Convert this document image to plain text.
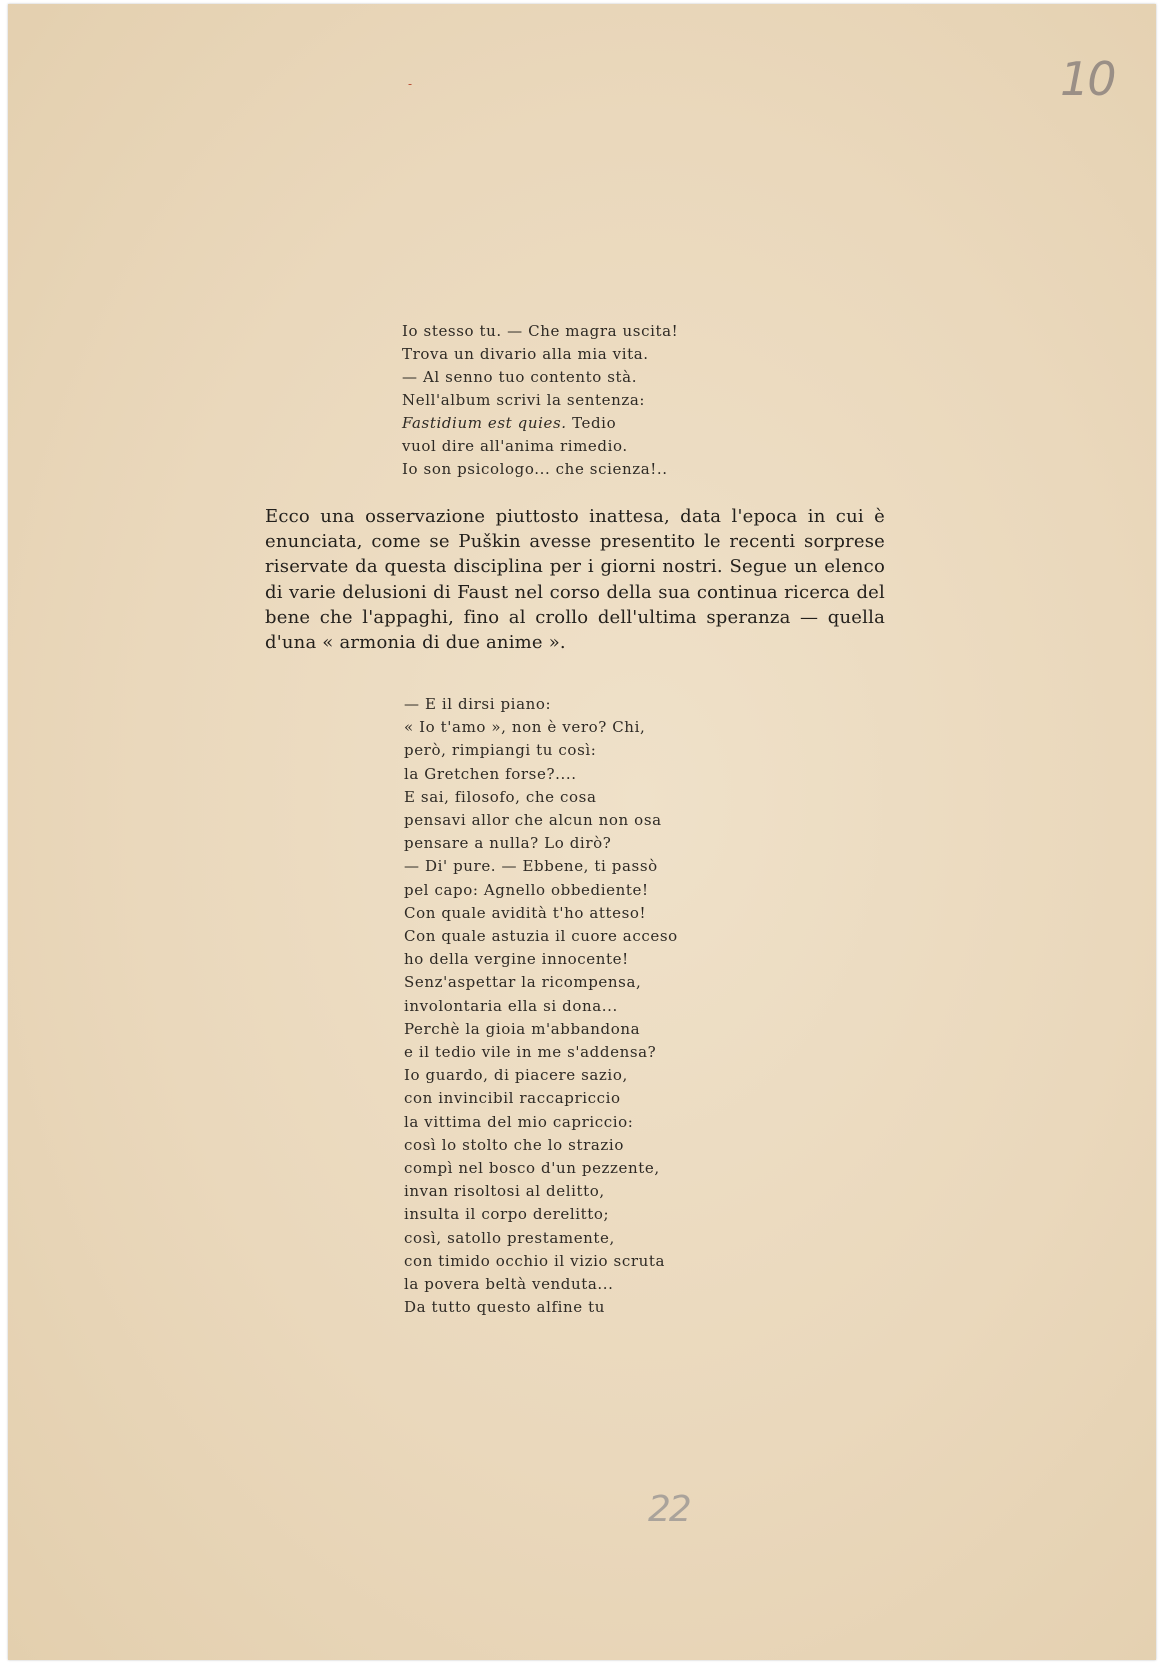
-	10
Io stesso tu. — Che magra uscita!
Trova un divario alla mia vita.
— Al senno tuo contento stà.
Nell'album scrivi la sentenza:
Fastidium est quies. Tedio
vuol dire all'anima rimedio.
Io son psicologo... che scienza!..
Ecco una osservazione piuttosto inattesa, data l'epoca in cui è enunciata, come se Puškin avesse presentito le recenti sorprese riservate da questa disciplina per i giorni nostri. Segue un elenco di varie delusioni di Faust nel corso della sua continua ricerca del bene che l'appaghi, fino al crollo dell'ultima speranza — quella d'una « armonia di due anime ».
— E il dirsi piano:
« Io t'amo », non è vero? Chi,
però, rimpiangi tu così:
la Gretchen forse?....
E sai, filosofo, che cosa
pensavi allor che alcun non osa
pensare a nulla? Lo dirò?
— Di' pure. — Ebbene, ti passò
pel capo: Agnello obbediente!
Con quale avidità t'ho atteso!
Con quale astuzia il cuore acceso
ho della vergine innocente!
Senz'aspettar la ricompensa,
involontaria ella si dona...
Perchè la gioia m'abbandona
e il tedio vile in me s'addensa?
Io guardo, di piacere sazio,
con invincibil raccapriccio
la vittima del mio capriccio:
così lo stolto che lo strazio
compì nel bosco d'un pezzente,
invan risoltosi al delitto,
insulta il corpo derelitto;
così, satollo prestamente,
con timido occhio il vizio scruta
la povera beltà venduta...
Da tutto questo alfine tu
22
